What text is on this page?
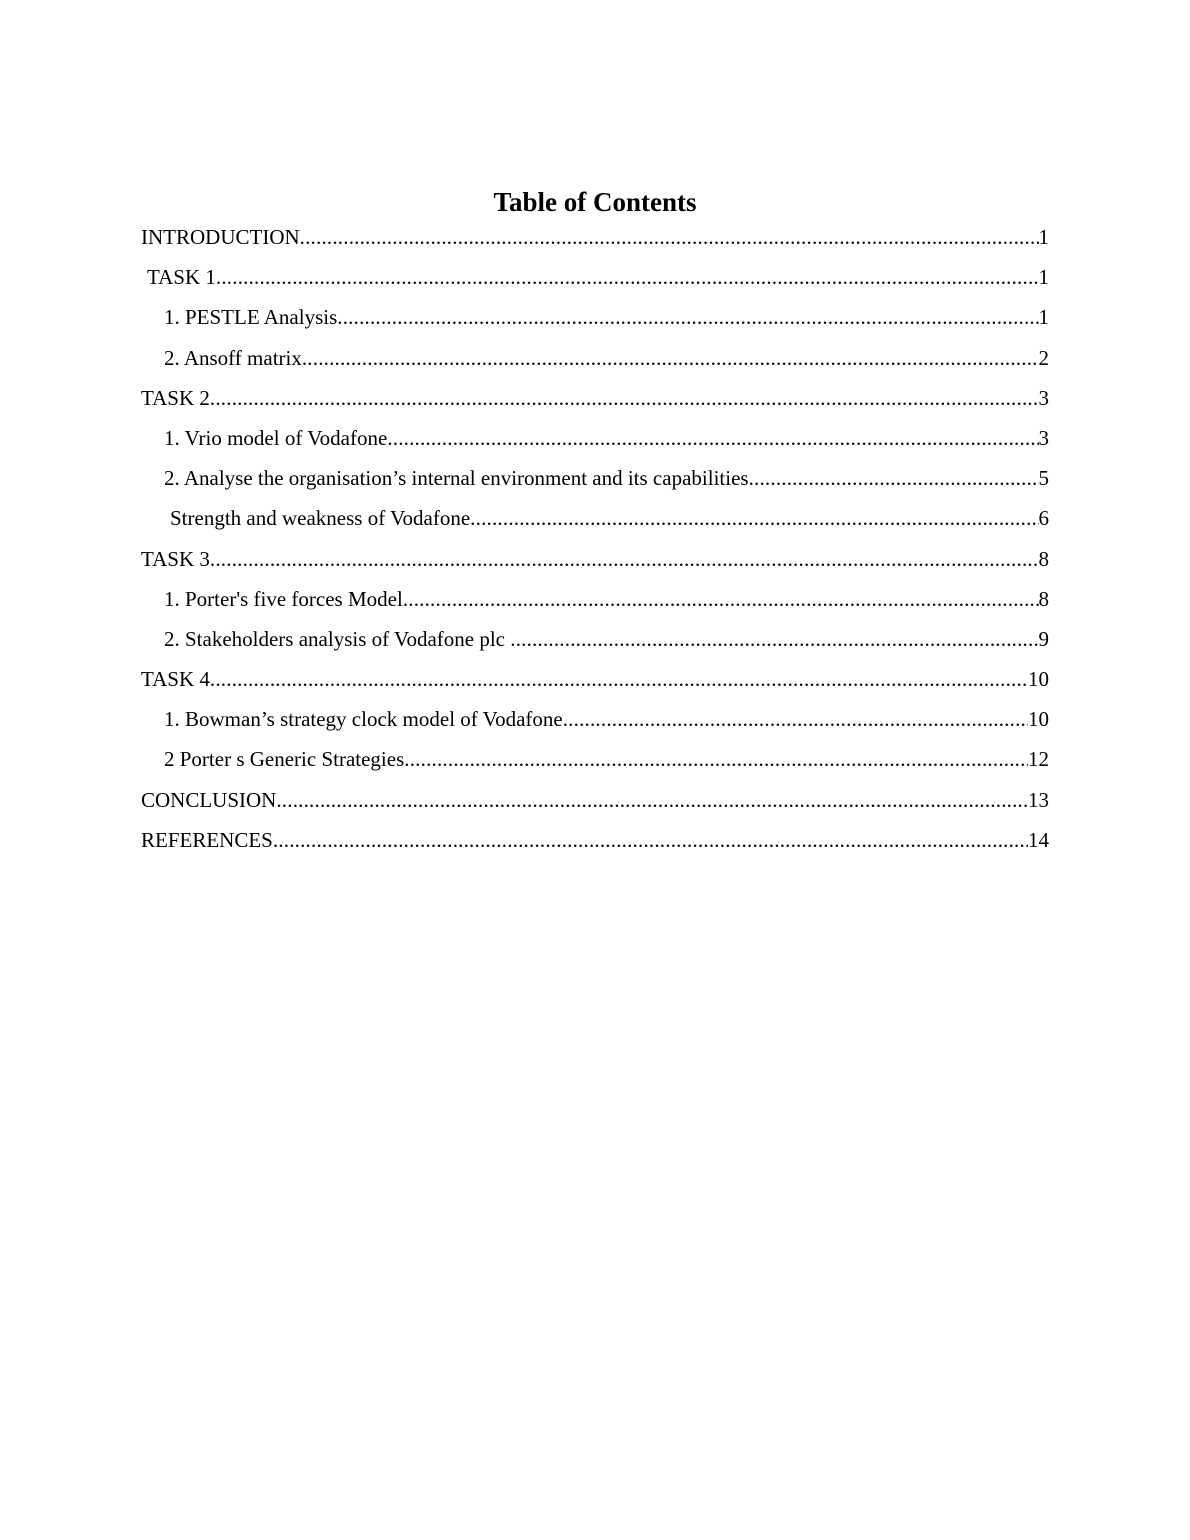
Table of Contents
INTRODUCTION .....	1
TASK 1 .....	1
1. PESTLE Analysis .....	1
2. Ansoff matrix .....	2
TASK 2 .....	3
1. Vrio model of Vodafone .....	3
2. Analyse the organisation’s internal environment and its capabilities .....	5
Strength and weakness of Vodafone .....	6
TASK 3 .....	8
1. Porter's five forces Model .....	8
2. Stakeholders analysis of Vodafone plc .....	9
TASK 4 .....	10
1. Bowman’s strategy clock model of Vodafone .....	10
2 Porter s Generic Strategies .....	12
CONCLUSION .....	13
REFERENCES .....	14
